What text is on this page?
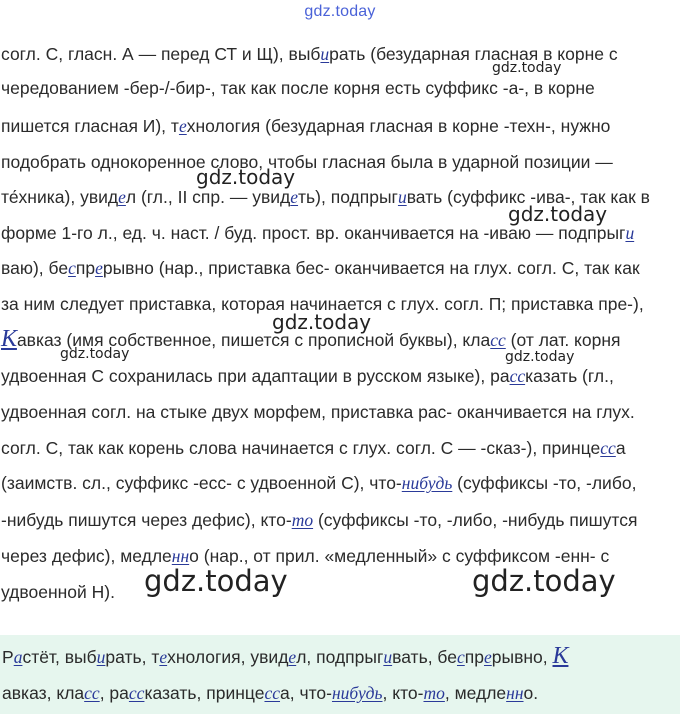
gdz.today
согл. С, гласн. А — перед СТ и Щ), выбирать (безударная гласная в корне с
чередованием -бер-/-бир-, так как после корня есть суффикс -а-, в корне
пишется гласная И), технология (безударная гласная в корне -техн-, нужно
подобрать однокоренное слово, чтобы гласная была в ударной позиции —
те́хника), увидел (гл., II спр. — увидеть), подпрыгивать (суффикс -ива-, так как в
форме 1-го л., ед. ч. наст. / буд. прост. вр. оканчивается на -иваю — подпрыги
ваю), беспрерывно (нар., приставка бес- оканчивается на глух. согл. С, так как
за ним следует приставка, которая начинается с глух. согл. П; приставка пре-),
Кавказ (имя собственное, пишется с прописной буквы), класс (от лат. корня
удвоенная С сохранилась при адаптации в русском языке), рассказать (гл.,
удвоенная согл. на стыке двух морфем, приставка рас- оканчивается на глух.
согл. С, так как корень слова начинается с глух. согл. С — -сказ-), принцесса
(заимств. сл., суффикс -есс- с удвоенной С), что-нибудь (суффиксы -то, -либо,
-нибудь пишутся через дефис), кто-то (суффиксы -то, -либо, -нибудь пишутся
через дефис), медленно (нар., от прил. «медленный» с суффиксом -енн- с
удвоенной Н).
gdz.today
gdz.today
gdz.today
gdz.today
gdz.today	gdz.today
gdz.today	gdz.today
Растёт, выбирать, технология, увидел, подпрыгивать, беспрерывно, К
авказ, класс, рассказать, принцесса, что-нибудь, кто-то, медленно.
